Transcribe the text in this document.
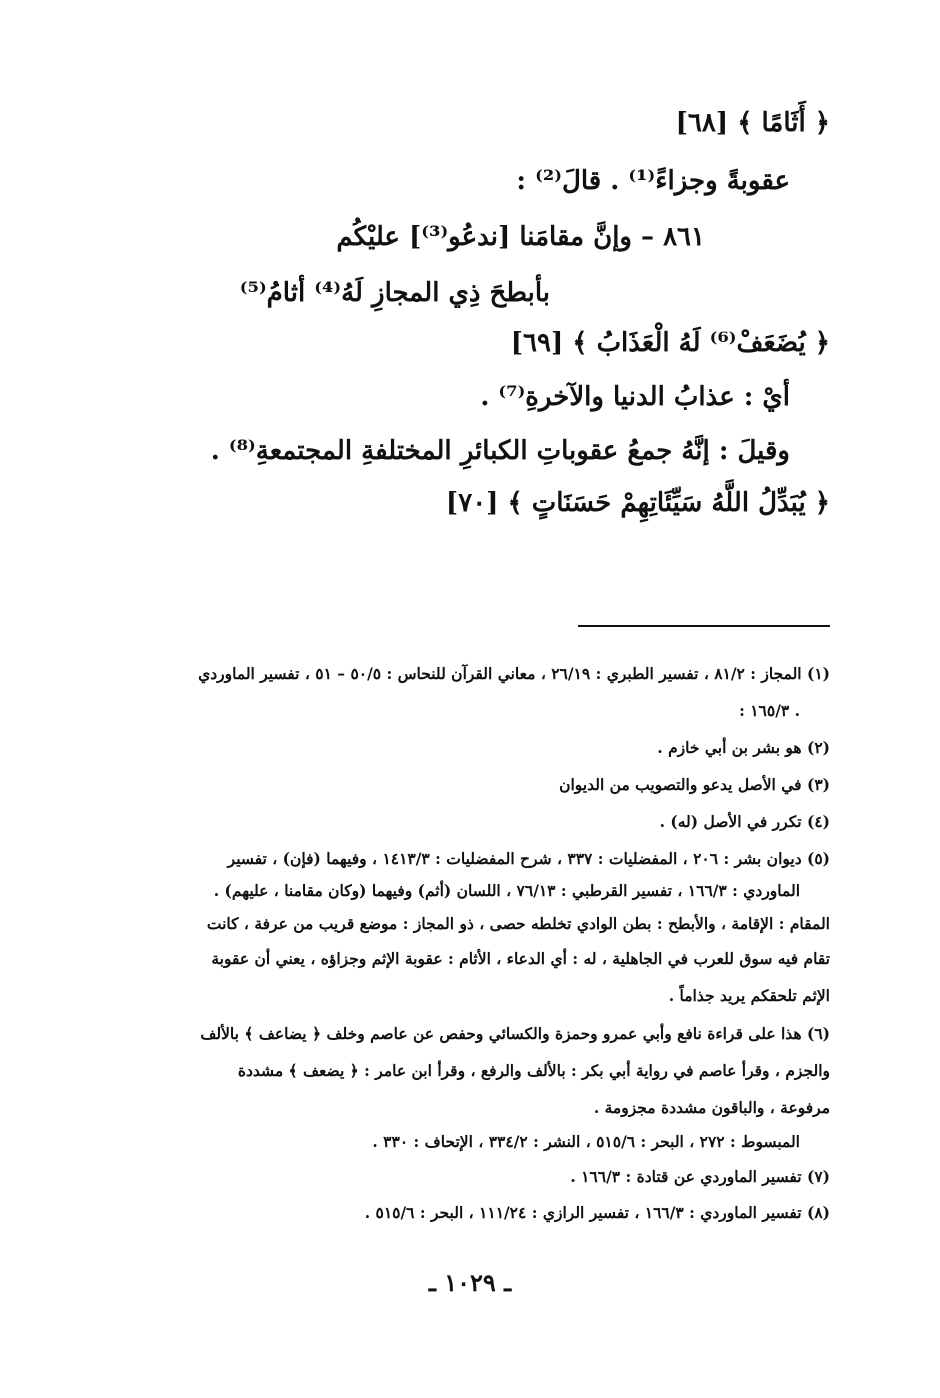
﴿ أَثَامًا ﴾ [٦٨]
عقوبةً وجزاءً⁽¹⁾ . قالَ⁽²⁾ :
٨٦١ – وإنَّ مقامَنا [ندعُو⁽³⁾] عليْكُم
بأبطحَ ذِي المجازِ لَهُ⁽⁴⁾ أثامُ⁽⁵⁾
﴿ يُضَعَفْ⁽⁶⁾ لَهُ الْعَذَابُ ﴾ [٦٩]
أيْ : عذابُ الدنيا والآخرةِ⁽⁷⁾ .
وقيلَ : إنَّهُ جمعُ عقوباتِ الكبائرِ المختلفةِ المجتمعةِ⁽⁸⁾ .
﴿ يُبَدِّلُ اللَّهُ سَيِّئَاتِهِمْ حَسَنَاتٍ ﴾ [٧٠]
(١) المجاز : ٨١/٢ ، تفسير الطبري : ٢٦/١٩ ، معاني القرآن للنحاس : ٥٠/٥ – ٥١ ، تفسير الماوردي
: ١٦٥/٣ .
(٢) هو بشر بن أبي خازم .
(٣) في الأصل يدعو والتصويب من الديوان
(٤) تكرر في الأصل (له) .
(٥) ديوان بشر : ٢٠٦ ، المفضليات : ٣٣٧ ، شرح المفضليات : ١٤١٣/٣ ، وفيهما (فإن) ، تفسير
الماوردي : ١٦٦/٣ ، تفسير القرطبي : ٧٦/١٣ ، اللسان (أثم) وفيهما (وكان مقامنا ، عليهم) .
المقام : الإقامة ، والأبطح : بطن الوادي تخلطه حصى ، ذو المجاز : موضع قريب من عرفة ، كانت
تقام فيه سوق للعرب في الجاهلية ، له : أي الدعاء ، الأثام : عقوبة الإثم وجزاؤه ، يعني أن عقوبة
الإثم تلحقكم يريد جذاماً .
(٦) هذا على قراءة نافع وأبي عمرو وحمزة والكسائي وحفص عن عاصم وخلف ﴿ يضاعف ﴾ بالألف
والجزم ، وقرأ عاصم في رواية أبي بكر : بالألف والرفع ، وقرأ ابن عامر : ﴿ يضعف ﴾ مشددة
مرفوعة ، والباقون مشددة مجزومة .
المبسوط : ٢٧٢ ، البحر : ٥١٥/٦ ، النشر : ٣٣٤/٢ ، الإتحاف : ٣٣٠ .
(٧) تفسير الماوردي عن قتادة : ١٦٦/٣ .
(٨) تفسير الماوردي : ١٦٦/٣ ، تفسير الرازي : ١١١/٢٤ ، البحر : ٥١٥/٦ .
ـ ١٠٢٩ ـ
